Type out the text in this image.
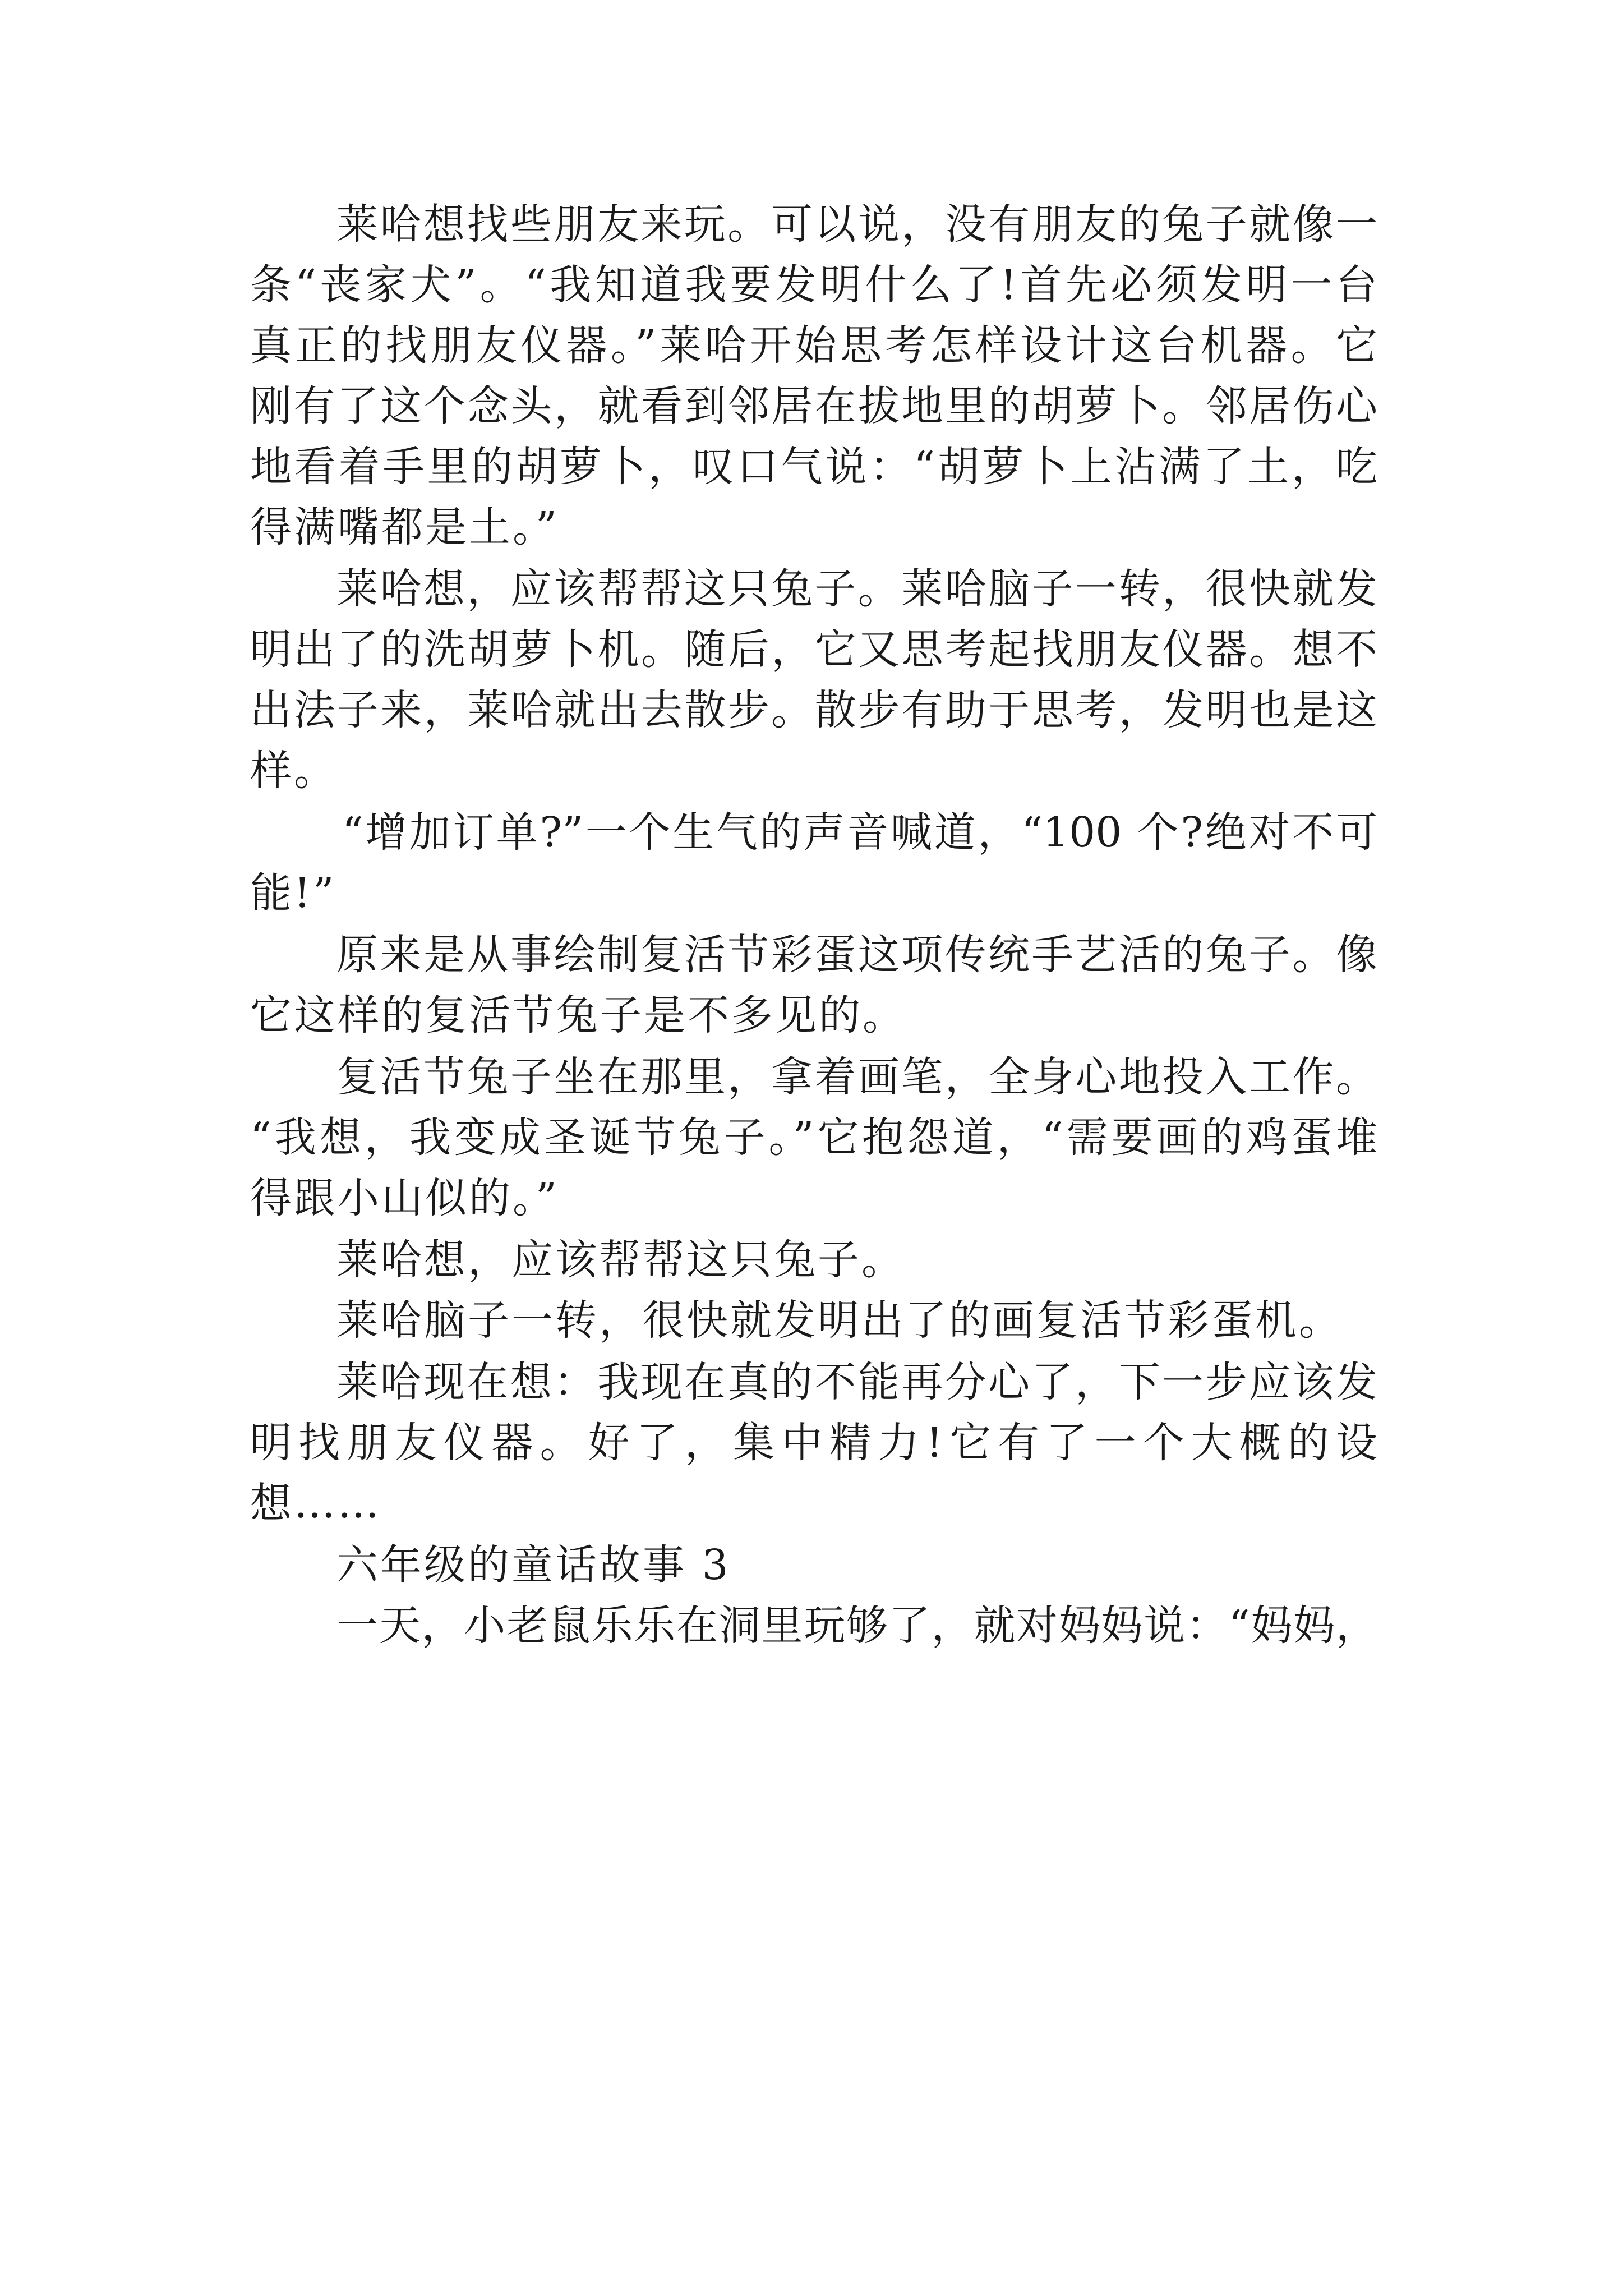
莱哈想找些朋友来玩。可以说，没有朋友的兔子就像一
条“丧家犬”。“我知道我要发明什么了!首先必须发明一台
真正的找朋友仪器。”莱哈开始思考怎样设计这台机器。它
刚有了这个念头，就看到邻居在拔地里的胡萝卜。邻居伤心
地看着手里的胡萝卜，叹口气说：“胡萝卜上沾满了土，吃
得满嘴都是土。”
莱哈想，应该帮帮这只兔子。莱哈脑子一转，很快就发
明出了的洗胡萝卜机。随后，它又思考起找朋友仪器。想不
出法子来，莱哈就出去散步。散步有助于思考，发明也是这
样。
“增加订单?”一个生气的声音喊道，“100 个?绝对不可
能!”
原来是从事绘制复活节彩蛋这项传统手艺活的兔子。像
它这样的复活节兔子是不多见的。
复活节兔子坐在那里，拿着画笔，全身心地投入工作。
“我想，我变成圣诞节兔子。”它抱怨道，“需要画的鸡蛋堆
得跟小山似的。”
莱哈想，应该帮帮这只兔子。
莱哈脑子一转，很快就发明出了的画复活节彩蛋机。
莱哈现在想：我现在真的不能再分心了，下一步应该发
明找朋友仪器。好了，集中精力!它有了一个大概的设
想……
六年级的童话故事 3
一天，小老鼠乐乐在洞里玩够了，就对妈妈说：“妈妈，
